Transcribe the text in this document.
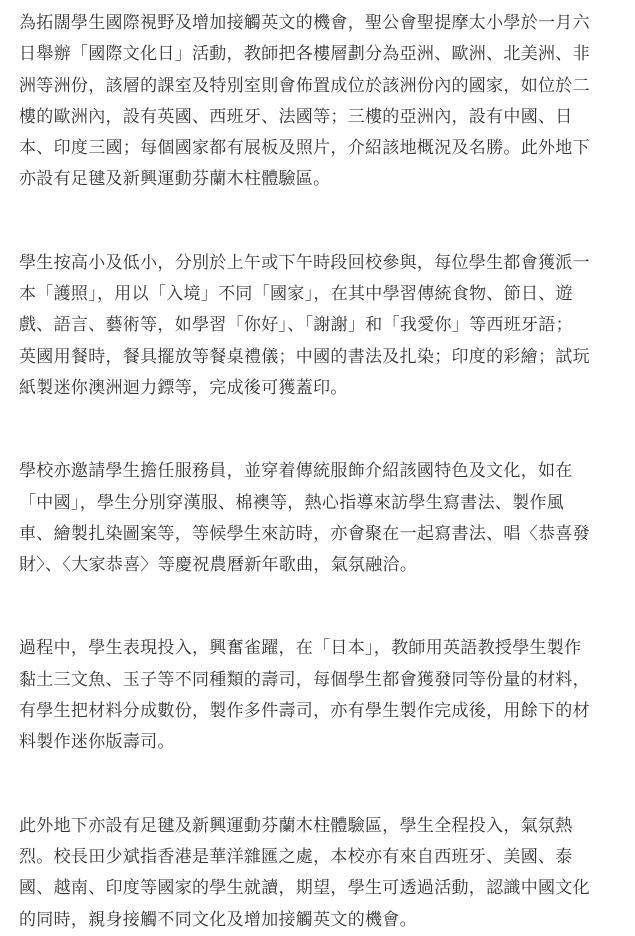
為拓闊學生國際視野及增加接觸英文的機會，聖公會聖提摩太小學於一月六
日舉辦「國際文化日」活動，教師把各樓層劃分為亞洲、歐洲、北美洲、非
洲等洲份，該層的課室及特別室則會佈置成位於該洲份內的國家，如位於二
樓的歐洲內，設有英國、西班牙、法國等；三樓的亞洲內，設有中國、日
本、印度三國；每個國家都有展板及照片，介紹該地概況及名勝。此外地下
亦設有足毽及新興運動芬蘭木柱體驗區。

學生按高小及低小，分別於上午或下午時段回校參與，每位學生都會獲派一
本「護照」，用以「入境」不同「國家」，在其中學習傳統食物、節日、遊
戲、語言、藝術等，如學習「你好」、「謝謝」和「我愛你」等西班牙語；
英國用餐時，餐具擺放等餐桌禮儀；中國的書法及扎染；印度的彩繪；試玩
紙製迷你澳洲迴力鏢等，完成後可獲蓋印。

學校亦邀請學生擔任服務員，並穿着傳統服飾介紹該國特色及文化，如在
「中國」，學生分別穿漢服、棉襖等，熱心指導來訪學生寫書法、製作風
車、繪製扎染圖案等，等候學生來訪時，亦會聚在一起寫書法、唱〈恭喜發
財〉、〈大家恭喜〉等慶祝農曆新年歌曲，氣氛融洽。

過程中，學生表現投入，興奮雀躍，在「日本」，教師用英語教授學生製作
黏土三文魚、玉子等不同種類的壽司，每個學生都會獲發同等份量的材料，
有學生把材料分成數份，製作多件壽司，亦有學生製作完成後，用餘下的材
料製作迷你版壽司。

此外地下亦設有足毽及新興運動芬蘭木柱體驗區，學生全程投入，氣氛熱
烈。校長田少斌指香港是華洋雜匯之處，本校亦有來自西班牙、美國、泰
國、越南、印度等國家的學生就讀，期望，學生可透過活動，認識中國文化
的同時，親身接觸不同文化及增加接觸英文的機會。
